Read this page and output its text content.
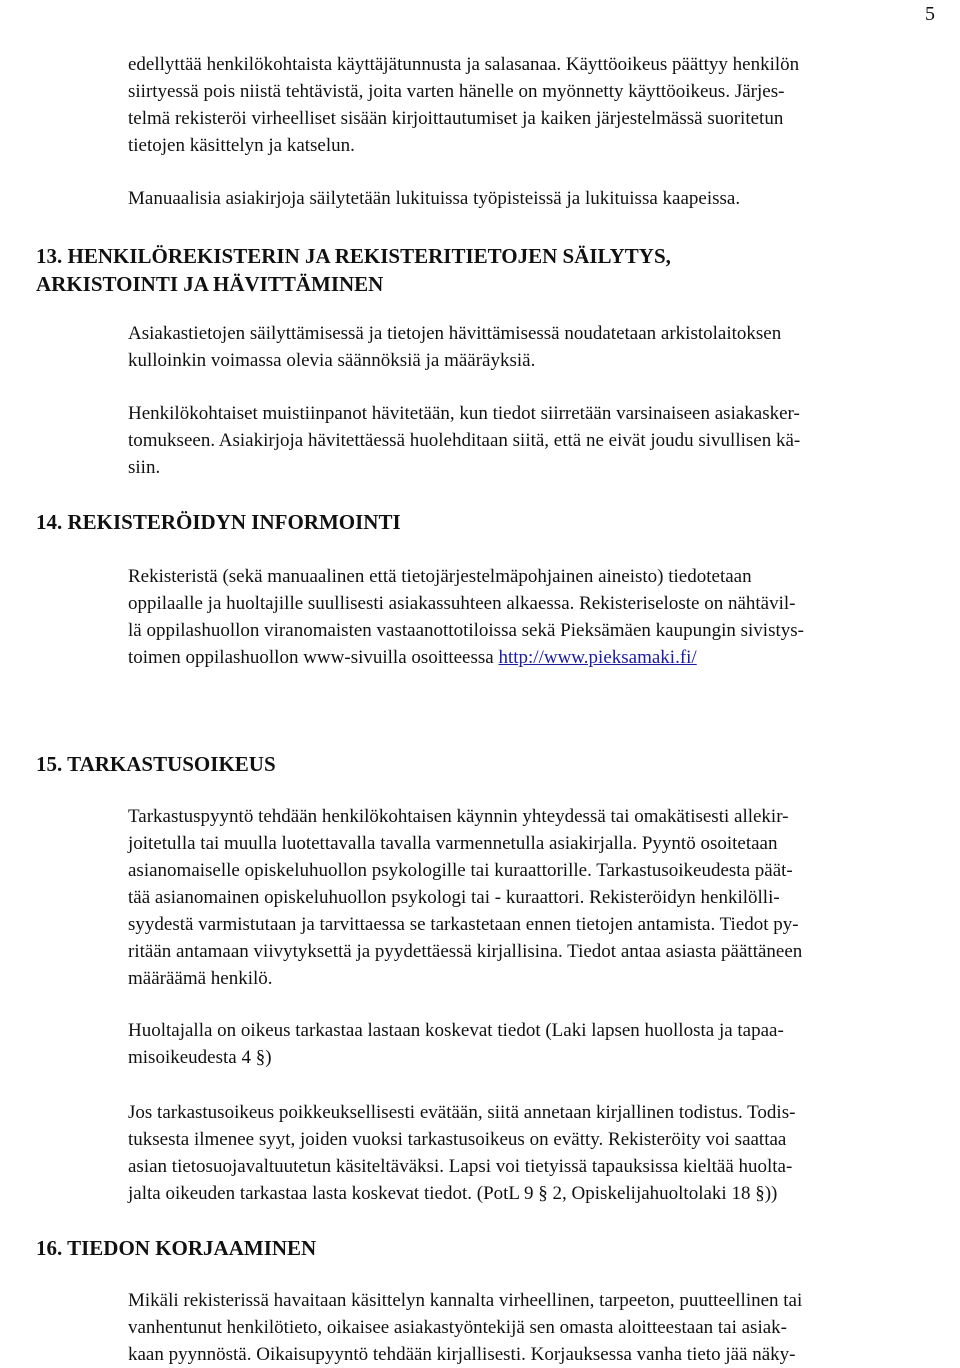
5

edellyttää henkilökohtaista käyttäjätunnusta ja salasanaa. Käyttöoikeus päättyy henkilön
siirtyessä pois niistä tehtävistä, joita varten hänelle on myönnetty käyttöoikeus. Järjes-
telmä rekisteröi virheelliset sisään kirjoittautumiset ja kaiken järjestelmässä suoritetun
tietojen käsittelyn ja katselun.

Manuaalisia asiakirjoja säilytetään lukituissa työpisteissä ja lukituissa kaapeissa.

13. HENKILÖREKISTERIN JA REKISTERITIETOJEN SÄILYTYS,
ARKISTOINTI JA HÄVITTÄMINEN

Asiakastietojen säilyttämisessä ja tietojen hävittämisessä noudatetaan arkistolaitoksen
kulloinkin voimassa olevia säännöksiä ja määräyksiä.

Henkilökohtaiset muistiinpanot hävitetään, kun tiedot siirretään varsinaiseen asiakasker-
tomukseen. Asiakirjoja hävitettäessä huolehditaan siitä, että ne eivät joudu sivullisen kä-
siin.

14. REKISTERÖIDYN INFORMOINTI

Rekisteristä (sekä manuaalinen että tietojärjestelmäpohjainen aineisto) tiedotetaan
oppilaalle ja huoltajille suullisesti asiakassuhteen alkaessa. Rekisteriseloste on nähtävil-
lä oppilashuollon viranomaisten vastaanottotiloissa sekä Pieksämäen kaupungin sivistys-
toimen oppilashuollon www-sivuilla osoitteessa http://www.pieksamaki.fi/

15. TARKASTUSOIKEUS

Tarkastuspyyntö tehdään henkilökohtaisen käynnin yhteydessä tai omakätisesti allekir-
joitetulla tai muulla luotettavalla tavalla varmennetulla asiakirjalla. Pyyntö osoitetaan
asianomaiselle opiskeluhuollon psykologille tai kuraattorille. Tarkastusoikeudesta päät-
tää asianomainen opiskeluhuollon psykologi tai - kuraattori. Rekisteröidyn henkilölli-
syydestä varmistutaan ja tarvittaessa se tarkastetaan ennen tietojen antamista. Tiedot py-
ritään antamaan viivytyksettä ja pyydettäessä kirjallisina. Tiedot antaa asiasta päättäneen
määräämä henkilö.

Huoltajalla on oikeus tarkastaa lastaan koskevat tiedot (Laki lapsen huollosta ja tapaa-
misoikeudesta 4 §)

Jos tarkastusoikeus poikkeuksellisesti evätään, siitä annetaan kirjallinen todistus. Todis-
tuksesta ilmenee syyt, joiden vuoksi tarkastusoikeus on evätty. Rekisteröity voi saattaa
asian tietosuojavaltuutetun käsiteltäväksi. Lapsi voi tietyissä tapauksissa kieltää huolta-
jalta oikeuden tarkastaa lasta koskevat tiedot. (PotL 9 § 2, Opiskelijahuoltolaki 18 §))

16. TIEDON KORJAAMINEN

Mikäli rekisterissä havaitaan käsittelyn kannalta virheellinen, tarpeeton, puutteellinen tai
vanhentunut henkilötieto, oikaisee asiakastyöntekijä sen omasta aloitteestaan tai asiak-
kaan pyynnöstä. Oikaisupyyntö tehdään kirjallisesti. Korjauksessa vanha tieto jää näky-
